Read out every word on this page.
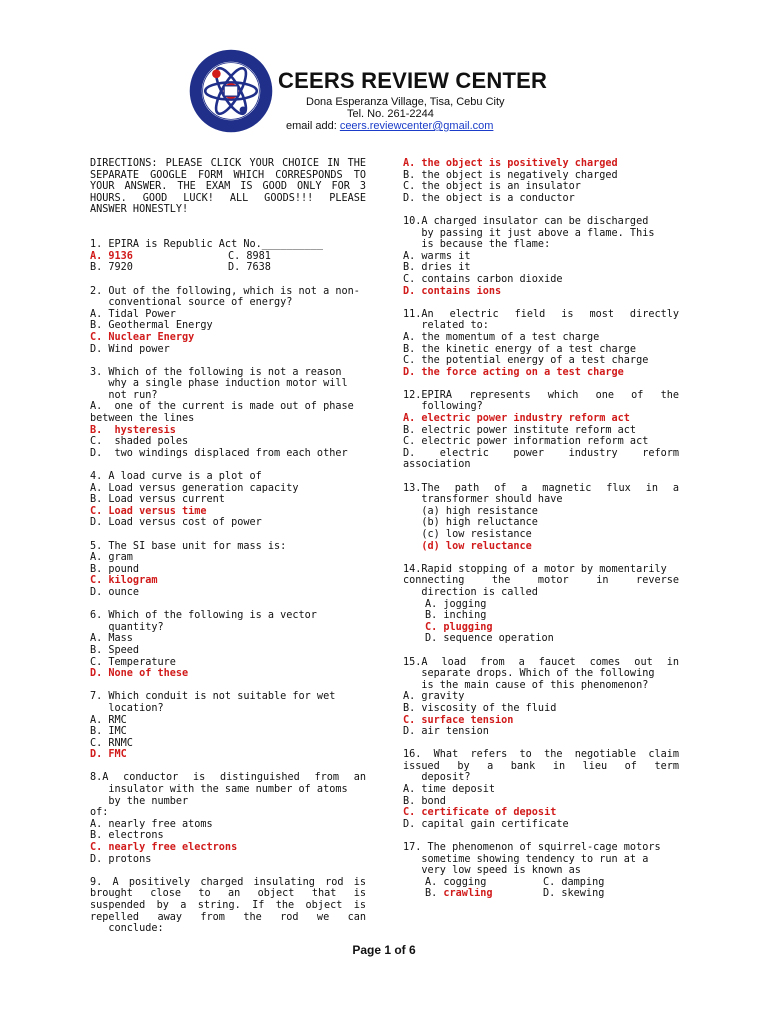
CEERS REVIEW CENTER
Dona Esperanza Village, Tisa, Cebu City
Tel. No. 261-2244
email add: ceers.reviewcenter@gmail.com
DIRECTIONS: PLEASE CLICK YOUR CHOICE IN THE
SEPARATE GOOGLE FORM WHICH CORRESPONDS TO
YOUR ANSWER. THE EXAM IS GOOD ONLY FOR 3
HOURS. GOOD LUCK! ALL GOODS!!! PLEASE
ANSWER HONESTLY!
1. EPIRA is Republic Act No.__________
A. 9136	C. 8981
B. 7920	D. 7638
2. Out of the following, which is not a non-
conventional source of energy?
A. Tidal Power
B. Geothermal Energy
C. Nuclear Energy
D. Wind power
3. Which of the following is not a reason
why a single phase induction motor will
not run?
A.  one of the current is made out of phase
between the lines
B.  hysteresis
C.  shaded poles
D.  two windings displaced from each other
4. A load curve is a plot of
A. Load versus generation capacity
B. Load versus current
C. Load versus time
D. Load versus cost of power
5. The SI base unit for mass is:
A. gram
B. pound
C. kilogram
D. ounce
6. Which of the following is a vector
quantity?
A. Mass
B. Speed
C. Temperature
D. None of these
7. Which conduit is not suitable for wet
location?
A. RMC
B. IMC
C. RNMC
D. FMC
8.A conductor is distinguished from an
insulator with the same number of atoms
by the number
of:
A. nearly free atoms
B. electrons
C. nearly free electrons
D. protons
9. A positively charged insulating rod is
brought close to an object that is
suspended by a string. If the object is
repelled away from the rod we can
conclude:
A. the object is positively charged
B. the object is negatively charged
C. the object is an insulator
D. the object is a conductor
10.A charged insulator can be discharged
by passing it just above a flame. This
is because the flame:
A. warms it
B. dries it
C. contains carbon dioxide
D. contains ions
11.An electric field is most directly
related to:
A. the momentum of a test charge
B. the kinetic energy of a test charge
C. the potential energy of a test charge
D. the force acting on a test charge
12.EPIRA represents which one of the
following?
A. electric power industry reform act
B. electric power institute reform act
C. electric power information reform act
D. electric power industry reform
association
13.The path of a magnetic flux in a
transformer should have
(a) high resistance
(b) high reluctance
(c) low resistance
(d) low reluctance
14.Rapid stopping of a motor by momentarily
connecting the motor in reverse
direction is called
A. jogging
B. inching
C. plugging
D. sequence operation
15.A load from a faucet comes out in
separate drops. Which of the following
is the main cause of this phenomenon?
A. gravity
B. viscosity of the fluid
C. surface tension
D. air tension
16. What refers to the negotiable claim
issued by a bank in lieu of term
deposit?
A. time deposit
B. bond
C. certificate of deposit
D. capital gain certificate
17. The phenomenon of squirrel-cage motors
sometime showing tendency to run at a
very low speed is known as
A. cogging	C. damping
B. crawling	D. skewing
Page 1 of 6
